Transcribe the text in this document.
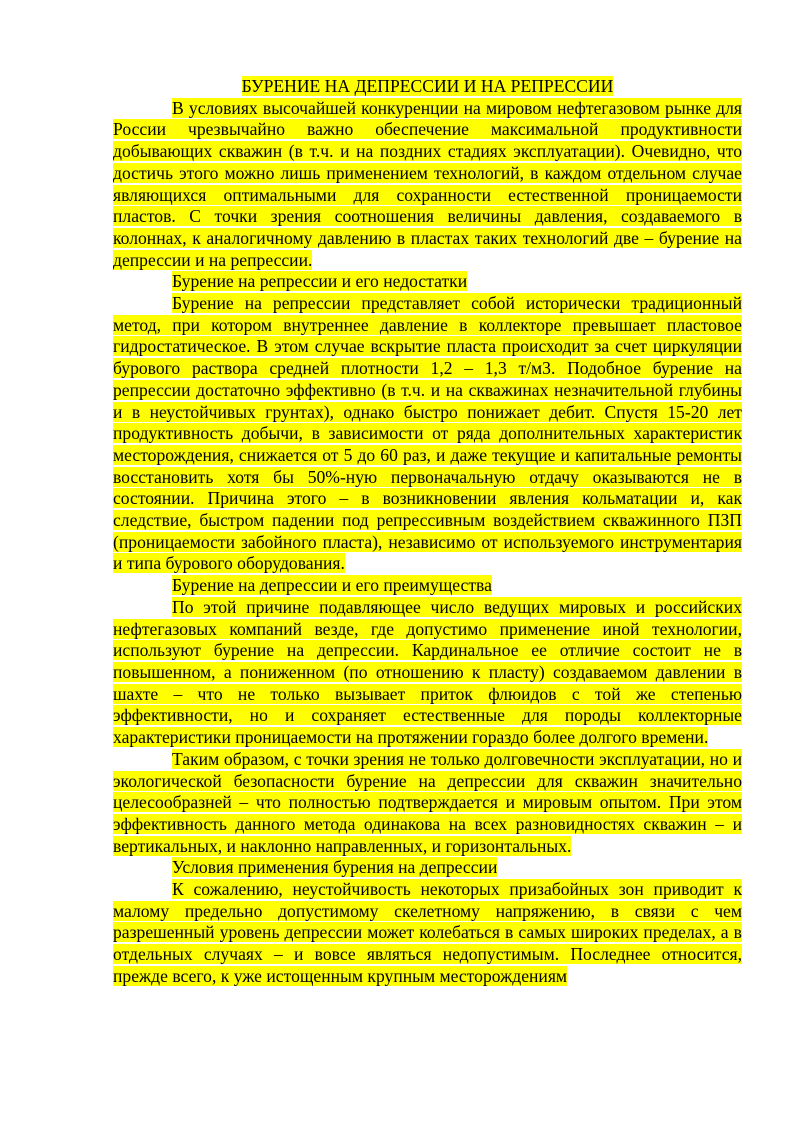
БУРЕНИЕ НА ДЕПРЕССИИ И НА РЕПРЕССИИ

В условиях высочайшей конкуренции на мировом нефтегазовом рынке для России чрезвычайно важно обеспечение максимальной продуктивности добывающих скважин (в т.ч. и на поздних стадиях эксплуатации). Очевидно, что достичь этого можно лишь применением технологий, в каждом отдельном случае являющихся оптимальными для сохранности естественной проницаемости пластов. С точки зрения соотношения величины давления, создаваемого в колоннах, к аналогичному давлению в пластах таких технологий две – бурение на депрессии и на репрессии.

Бурение на репрессии и его недостатки

Бурение на репрессии представляет собой исторически традиционный метод, при котором внутреннее давление в коллекторе превышает пластовое гидростатическое. В этом случае вскрытие пласта происходит за счет циркуляции бурового раствора средней плотности 1,2 – 1,3 т/м3. Подобное бурение на репрессии достаточно эффективно (в т.ч. и на скважинах незначительной глубины и в неустойчивых грунтах), однако быстро понижает дебит. Спустя 15-20 лет продуктивность добычи, в зависимости от ряда дополнительных характеристик месторождения, снижается от 5 до 60 раз, и даже текущие и капитальные ремонты восстановить хотя бы 50%-ную первоначальную отдачу оказываются не в состоянии. Причина этого – в возникновении явления кольматации и, как следствие, быстром падении под репрессивным воздействием скважинного ПЗП (проницаемости забойного пласта), независимо от используемого инструментария и типа бурового оборудования.

Бурение на депрессии и его преимущества

По этой причине подавляющее число ведущих мировых и российских нефтегазовых компаний везде, где допустимо применение иной технологии, используют бурение на депрессии. Кардинальное ее отличие состоит не в повышенном, а пониженном (по отношению к пласту) создаваемом давлении в шахте – что не только вызывает приток флюидов с той же степенью эффективности, но и сохраняет естественные для породы коллекторные характеристики проницаемости на протяжении гораздо более долгого времени.

Таким образом, с точки зрения не только долговечности эксплуатации, но и экологической безопасности бурение на депрессии для скважин значительно целесообразней – что полностью подтверждается и мировым опытом. При этом эффективность данного метода одинакова на всех разновидностях скважин – и вертикальных, и наклонно направленных, и горизонтальных.

Условия применения бурения на депрессии

К сожалению, неустойчивость некоторых призабойных зон приводит к малому предельно допустимому скелетному напряжению, в связи с чем разрешенный уровень депрессии может колебаться в самых широких пределах, а в отдельных случаях – и вовсе являться недопустимым. Последнее относится, прежде всего, к уже истощенным крупным месторождениям
